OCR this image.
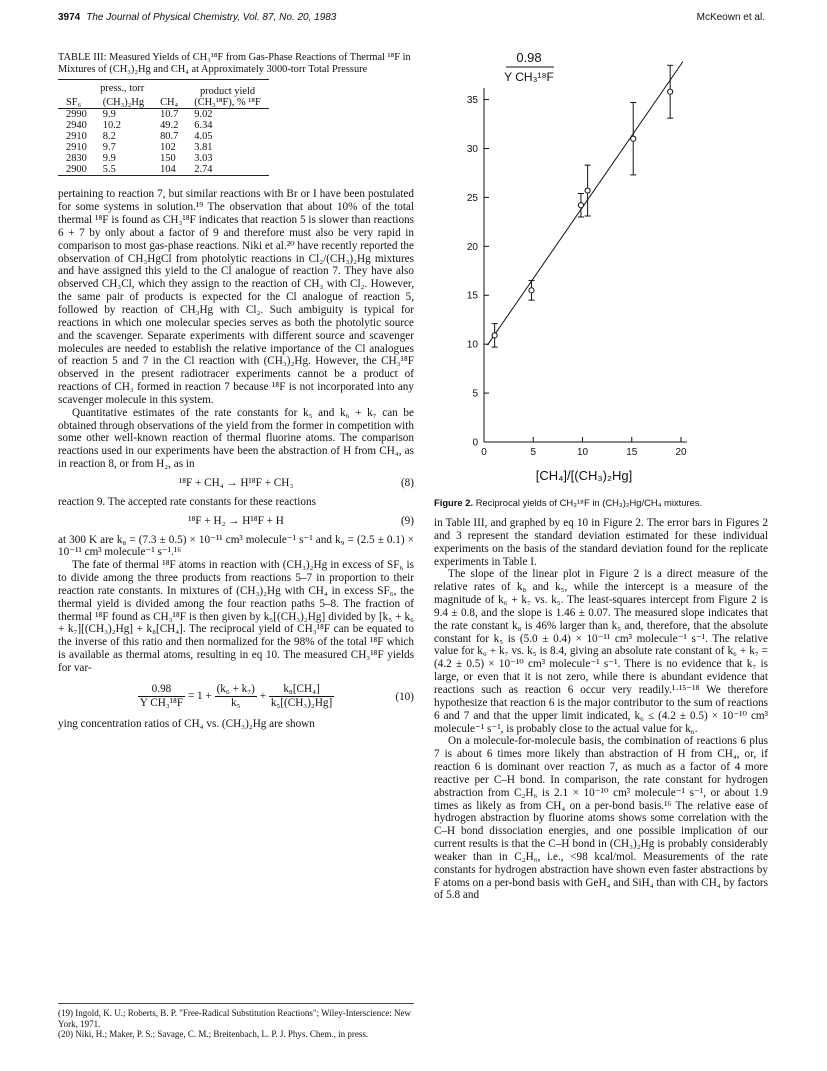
3974 The Journal of Physical Chemistry, Vol. 87, No. 20, 1983	McKeown et al.
TABLE III: Measured Yields of CH₃¹⁸F from Gas-Phase Reactions of Thermal ¹⁸F in Mixtures of (CH₃)₂Hg and CH₄ at Approximately 3000-torr Total Pressure
press., torr			product yield
SF₆	(CH₃)₂Hg	CH₄	(CH₃¹⁸F), % ¹⁸F
2990	9.9	10.7	9.02
2940	10.2	49.2	6.34
2910	8.2	80.7	4.05
2910	9.7	102	3.81
2830	9.9	150	3.03
2900	5.5	104	2.74

pertaining to reaction 7, but similar reactions with Br or I have been postulated for some systems in solution.¹⁹ The observation that about 10% of the total thermal ¹⁸F is found as CH₃¹⁸F indicates that reaction 5 is slower than reactions 6 + 7 by only about a factor of 9 and therefore must also be very rapid in comparison to most gas-phase reactions. Niki et al.²⁰ have recently reported the observation of CH₃HgCl from photolytic reactions in Cl₂/(CH₃)₂Hg mixtures and have assigned this yield to the Cl analogue of reaction 7. They have also observed CH₃Cl, which they assign to the reaction of CH₃ with Cl₂. However, the same pair of products is expected for the Cl analogue of reaction 5, followed by reaction of CH₃Hg with Cl₂. Such ambiguity is typical for reactions in which one molecular species serves as both the photolytic source and the scavenger. Separate experiments with different source and scavenger molecules are needed to establish the relative importance of the Cl analogues of reaction 5 and 7 in the Cl reaction with (CH₃)₂Hg. However, the CH₃¹⁸F observed in the present radiotracer experiments cannot be a product of reactions of CH₃ formed in reaction 7 because ¹⁸F is not incorporated into any scavenger molecule in this system.

Quantitative estimates of the rate constants for k₅ and k₆ + k₇ can be obtained through observations of the yield from the former in competition with some other well-known reaction of thermal fluorine atoms. The comparison reactions used in our experiments have been the abstraction of H from CH₄, as in reaction 8, or from H₂, as in

¹⁸F + CH₄ → H¹⁸F + CH₃	(8)

reaction 9. The accepted rate constants for these reactions

¹⁸F + H₂ → H¹⁸F + H	(9)

at 300 K are k₈ = (7.3 ± 0.5) × 10⁻¹¹ cm³ molecule⁻¹ s⁻¹ and k₉ = (2.5 ± 0.1) × 10⁻¹¹ cm³ molecule⁻¹ s⁻¹.¹⁶

The fate of thermal ¹⁸F atoms in reaction with (CH₃)₂Hg in excess of SF₆ is to divide among the three products from reactions 5–7 in proportion to their reaction rate constants. In mixtures of (CH₃)₂Hg with CH₄ in excess SF₆, the thermal yield is divided among the four reaction paths 5–8. The fraction of thermal ¹⁸F found as CH₃¹⁸F is then given by k₅[(CH₃)₂Hg] divided by [k₅ + k₆ + k₇][(CH₃)₂Hg] + k₈[CH₄]. The reciprocal yield of CH₃¹⁸F can be equated to the inverse of this ratio and then normalized for the 98% of the total ¹⁸F which is available as thermal atoms, resulting in eq 10. The measured CH₃¹⁸F yields for var-

$\frac{0.98}{\text{Y CH₃¹⁸F}} = 1 + \frac{\text{(k₆ + k₇)}}{\text{k₅}} + \frac{\text{k₈[CH₄]}}{\text{k₅[(CH₃)₂Hg]}}$	(10)

ying concentration ratios of CH₄ vs. (CH₃)₂Hg are shown

(19) Ingold, K. U.; Roberts, B. P. "Free-Radical Substitution Reactions"; Wiley-Interscience: New York, 1971.
(20) Niki, H.; Maker, P. S.; Savage, C. M.; Breitenbach, L. P. J. Phys. Chem., in press.
0
5
10
15
20
25
30
35
0	5	10	15	20
0.98
Y CH₃¹⁸F
[CH₄]/[(CH₃)₂Hg]
Figure 2. Reciprocal yields of CH₃¹⁸F in (CH₃)₂Hg/CH₄ mixtures.

in Table III, and graphed by eq 10 in Figure 2. The error bars in Figures 2 and 3 represent the standard deviation estimated for these individual experiments on the basis of the standard deviation found for the replicate experiments in Table I.

The slope of the linear plot in Figure 2 is a direct measure of the relative rates of k₈ and k₅, while the intercept is a measure of the magnitude of k₆ + k₇ vs. k₅. The least-squares intercept from Figure 2 is 9.4 ± 0.8, and the slope is 1.46 ± 0.07. The measured slope indicates that the rate constant k₈ is 46% larger than k₅ and, therefore, that the absolute constant for k₅ is (5.0 ± 0.4) × 10⁻¹¹ cm³ molecule⁻¹ s⁻¹. The relative value for k₆ + k₇ vs. k₅ is 8.4, giving an absolute rate constant of k₆ + k₇ = (4.2 ± 0.5) × 10⁻¹⁰ cm³ molecule⁻¹ s⁻¹. There is no evidence that k₇ is large, or even that it is not zero, while there is abundant evidence that reactions such as reaction 6 occur very readily.¹·¹⁵⁻¹⁸ We therefore hypothesize that reaction 6 is the major contributor to the sum of reactions 6 and 7 and that the upper limit indicated, k₆ ≤ (4.2 ± 0.5) × 10⁻¹⁰ cm³ molecule⁻¹ s⁻¹, is probably close to the actual value for k₆.

On a molecule-for-molecule basis, the combination of reactions 6 plus 7 is about 6 times more likely than abstraction of H from CH₄, or, if reaction 6 is dominant over reaction 7, as much as a factor of 4 more reactive per C–H bond. In comparison, the rate constant for hydrogen abstraction from C₂H₆ is 2.1 × 10⁻¹⁰ cm³ molecule⁻¹ s⁻¹, or about 1.9 times as likely as from CH₄ on a per-bond basis.¹⁶ The relative ease of hydrogen abstraction by fluorine atoms shows some correlation with the C–H bond dissociation energies, and one possible implication of our current results is that the C–H bond in (CH₃)₂Hg is probably considerably weaker than in C₂H₆, i.e., <98 kcal/mol. Measurements of the rate constants for hydrogen abstraction have shown even faster abstractions by F atoms on a per-bond basis with GeH₄ and SiH₄ than with CH₄ by factors of 5.8 and
